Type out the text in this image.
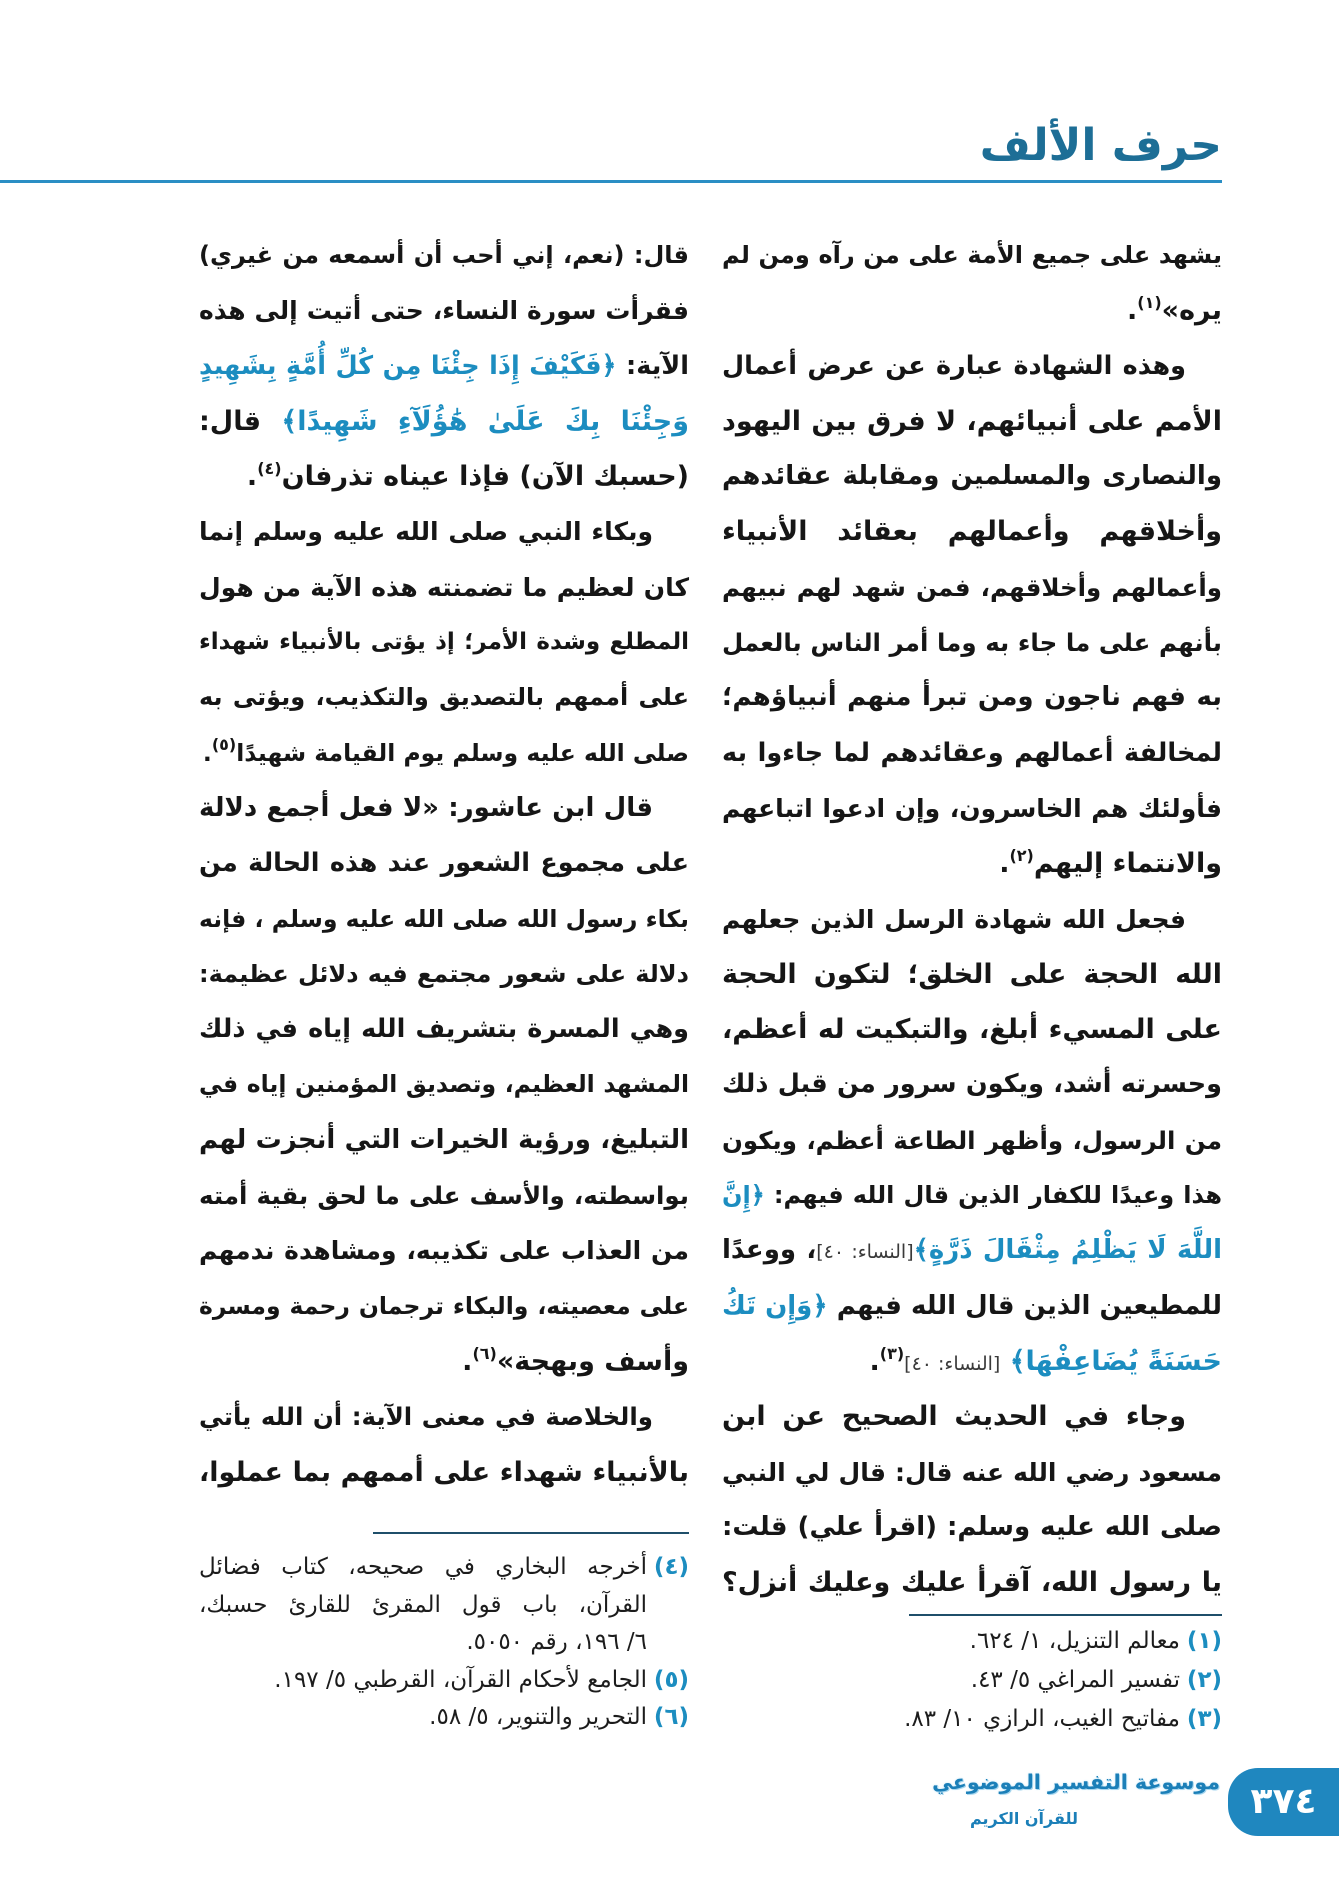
حرف الألف
يشهد على جميع الأمة على من رآه ومن لم
يره»$^{(١)}$.
وهذه الشهادة عبارة عن عرض أعمال
الأمم على أنبيائهم، لا فرق بين اليهود
والنصارى والمسلمين ومقابلة عقائدهم
وأخلاقهم وأعمالهم بعقائد الأنبياء
وأعمالهم وأخلاقهم، فمن شهد لهم نبيهم
بأنهم على ما جاء به وما أمر الناس بالعمل
به فهم ناجون ومن تبرأ منهم أنبياؤهم؛
لمخالفة أعمالهم وعقائدهم لما جاءوا به
فأولئك هم الخاسرون، وإن ادعوا اتباعهم
والانتماء إليهم$^{(٢)}$.
فجعل الله شهادة الرسل الذين جعلهم
الله الحجة على الخلق؛ لتكون الحجة
على المسيء أبلغ، والتبكيت له أعظم،
وحسرته أشد، ويكون سرور من قبل ذلك
من الرسول، وأظهر الطاعة أعظم، ويكون
هذا وعيدًا للكفار الذين قال الله فيهم: ﴿إِنَّ
اللَّهَ لَا يَظْلِمُ مِثْقَالَ ذَرَّةٍ﴾[النساء: ٤٠]، ووعدًا
للمطيعين الذين قال الله فيهم ﴿وَإِن تَكُ
حَسَنَةً يُضَاعِفْهَا﴾ [النساء: ٤٠]$^{(٣)}$.
وجاء في الحديث الصحيح عن ابن
مسعود رضي الله عنه قال: قال لي النبي
صلى الله عليه وسلم: (اقرأ علي) قلت:
يا رسول الله، آقرأ عليك وعليك أنزل؟
قال: (نعم، إني أحب أن أسمعه من غيري)
فقرأت سورة النساء، حتى أتيت إلى هذه
الآية: ﴿فَكَيْفَ إِذَا جِئْنَا مِن كُلِّ أُمَّةٍ بِشَهِيدٍ
وَجِئْنَا بِكَ عَلَىٰ هَٰؤُلَآءِ شَهِيدًا﴾ قال:
(حسبك الآن) فإذا عيناه تذرفان$^{(٤)}$.
وبكاء النبي صلى الله عليه وسلم إنما
كان لعظيم ما تضمنته هذه الآية من هول
المطلع وشدة الأمر؛ إذ يؤتى بالأنبياء شهداء
على أممهم بالتصديق والتكذيب، ويؤتى به
صلى الله عليه وسلم يوم القيامة شهيدًا$^{(٥)}$.
قال ابن عاشور: «لا فعل أجمع دلالة
على مجموع الشعور عند هذه الحالة من
بكاء رسول الله صلى الله عليه وسلم ، فإنه
دلالة على شعور مجتمع فيه دلائل عظيمة:
وهي المسرة بتشريف الله إياه في ذلك
المشهد العظيم، وتصديق المؤمنين إياه في
التبليغ، ورؤية الخيرات التي أنجزت لهم
بواسطته، والأسف على ما لحق بقية أمته
من العذاب على تكذيبه، ومشاهدة ندمهم
على معصيته، والبكاء ترجمان رحمة ومسرة
وأسف وبهجة»$^{(٦)}$.
والخلاصة في معنى الآية: أن الله يأتي
بالأنبياء شهداء على أممهم بما عملوا،
(١)
معالم التنزيل، ١/ ٦٢٤.
(٢)
تفسير المراغي ٥/ ٤٣.
(٣)
مفاتيح الغيب، الرازي ١٠/ ٨٣.
(٤)
أخرجه البخاري في صحيحه، كتاب فضائل
القرآن، باب قول المقرئ للقارئ حسبك،
٦/ ١٩٦، رقم ٥٠٥٠.
(٥)
الجامع لأحكام القرآن، القرطبي ٥/ ١٩٧.
(٦)
التحرير والتنوير، ٥/ ٥٨.
موسوعة التفسير الموضوعي
للقرآن الكريم	٣٧٤
